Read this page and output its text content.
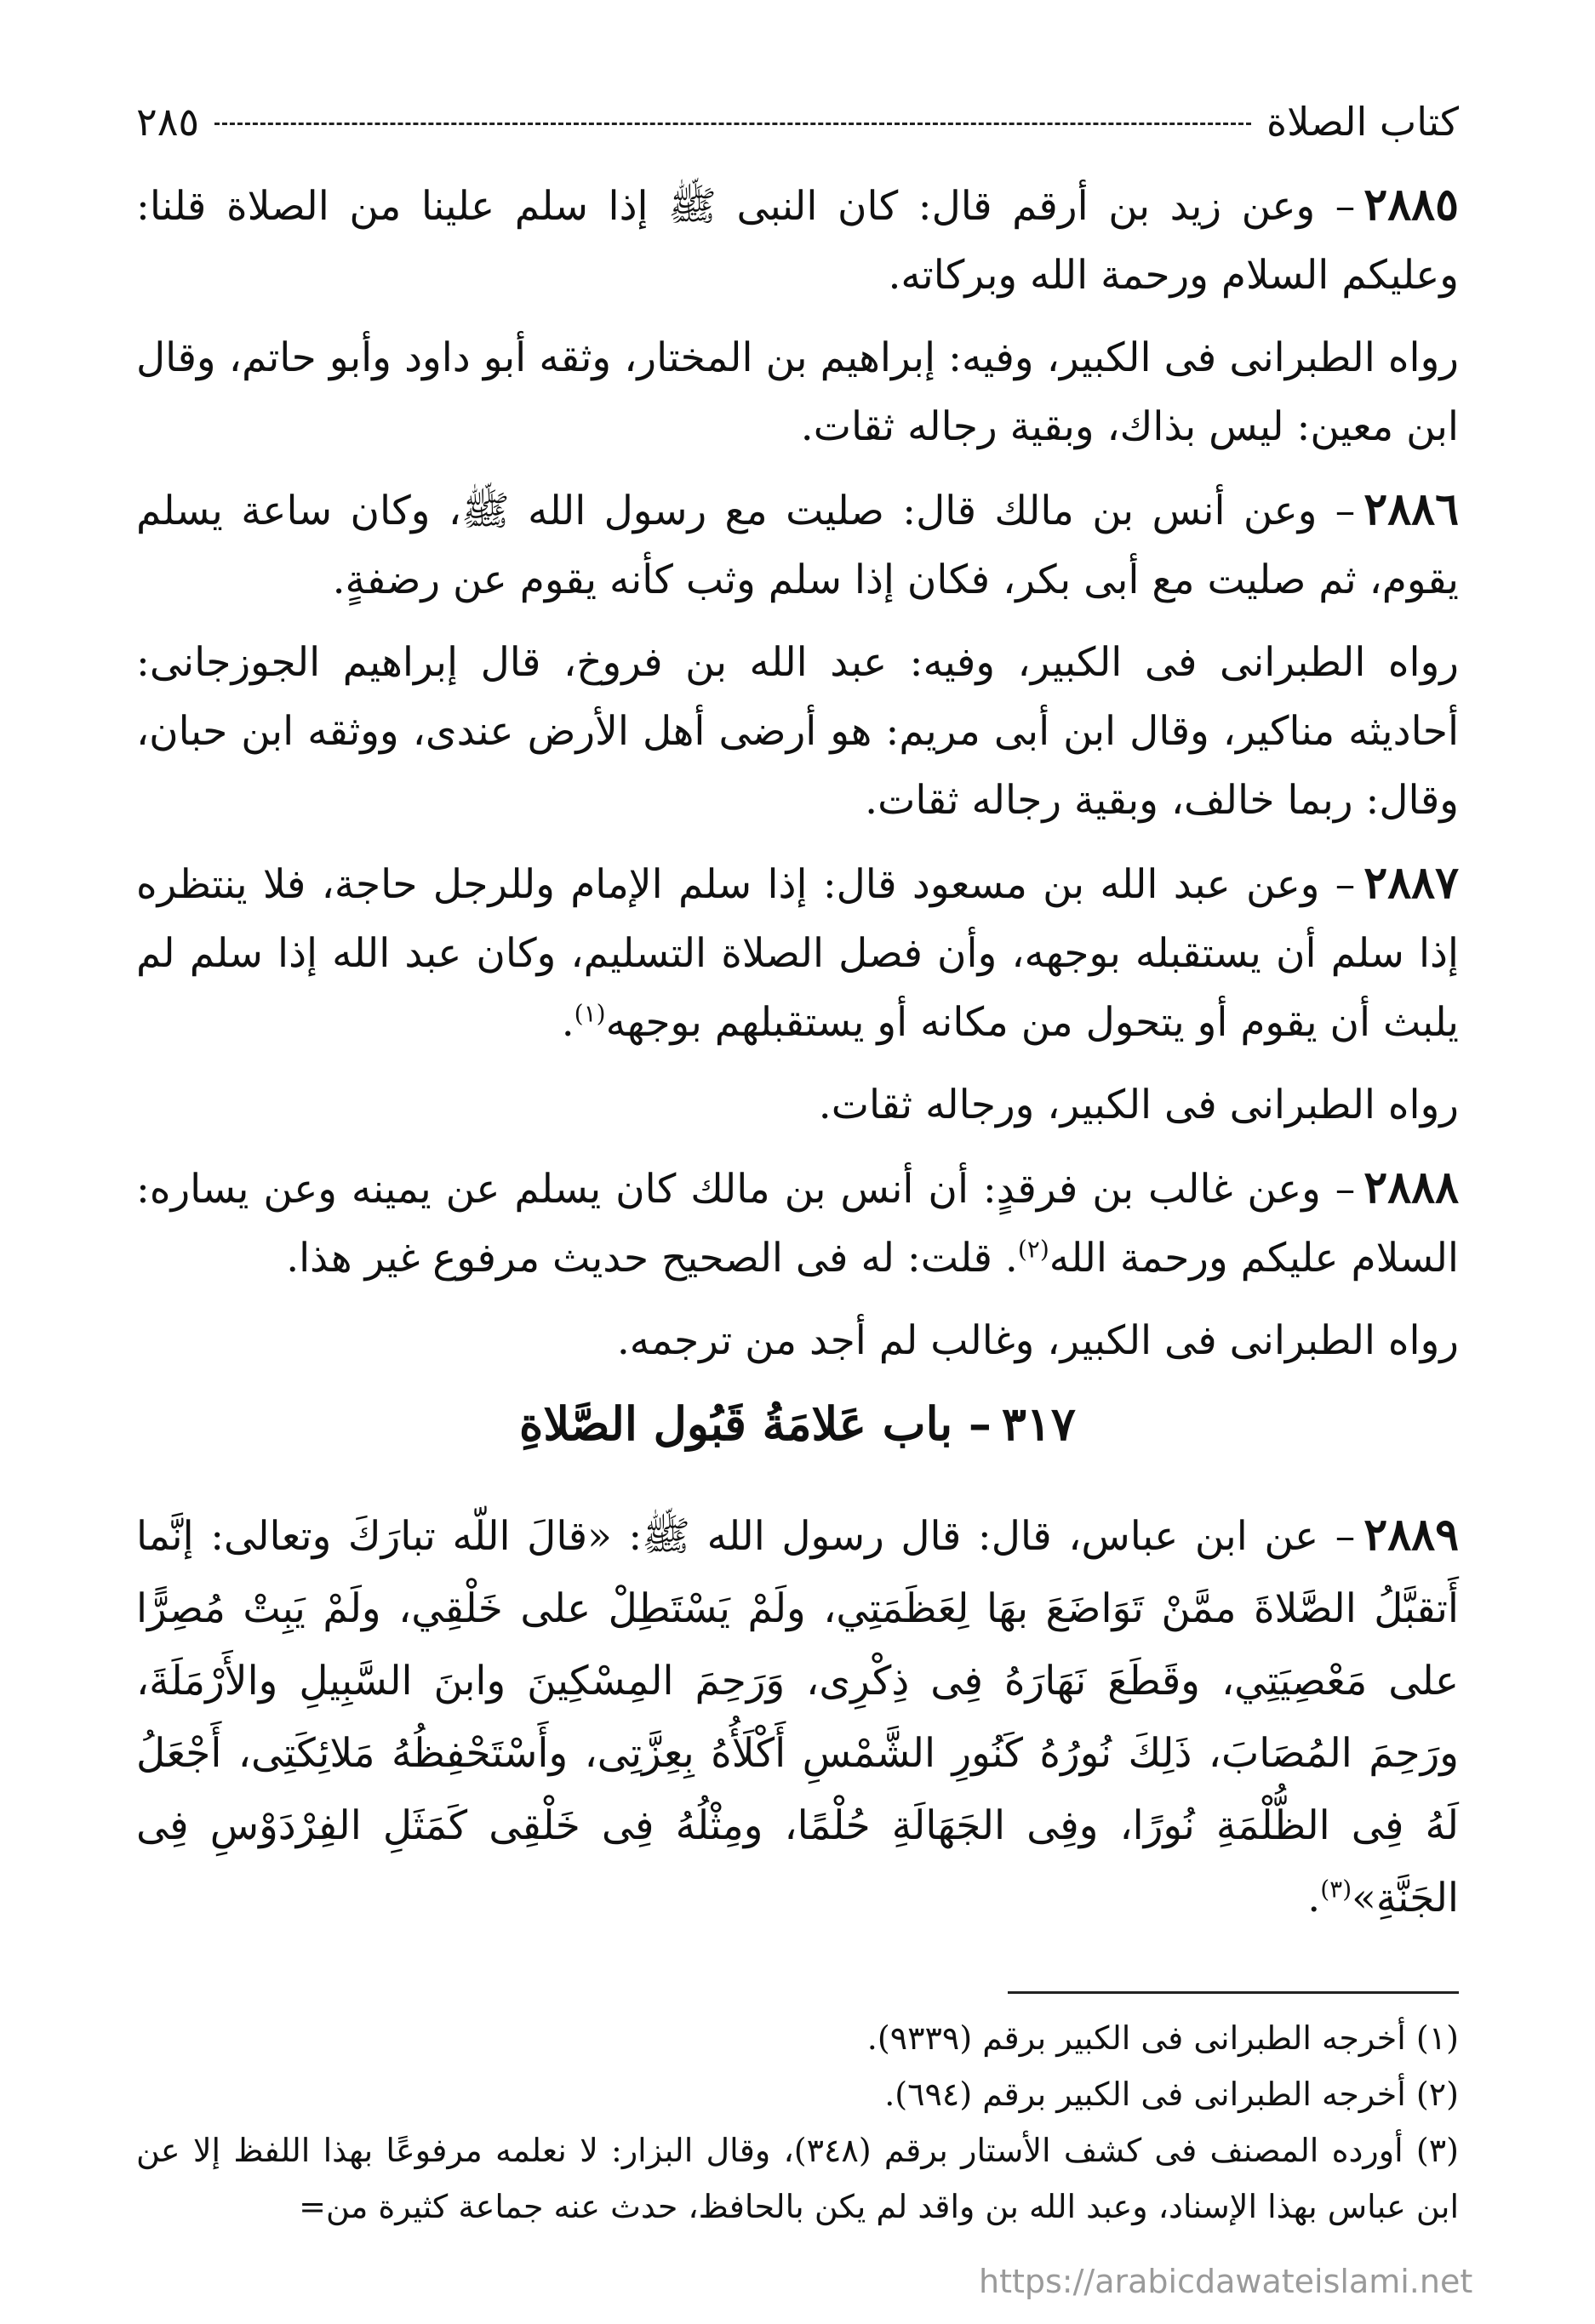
كتاب الصلاة
٢٨٥

٢٨٨٥– وعن زيد بن أرقم قال: كان النبى ﷺ إذا سلم علينا من الصلاة قلنا: وعليكم السلام ورحمة الله وبركاته.

رواه الطبرانى فى الكبير، وفيه: إبراهيم بن المختار، وثقه أبو داود وأبو حاتم، وقال ابن معين: ليس بذاك، وبقية رجاله ثقات.

٢٨٨٦– وعن أنس بن مالك قال: صليت مع رسول الله ﷺ، وكان ساعة يسلم يقوم، ثم صليت مع أبى بكر، فكان إذا سلم وثب كأنه يقوم عن رضفةٍ.

رواه الطبرانى فى الكبير، وفيه: عبد الله بن فروخ، قال إبراهيم الجوزجانى: أحاديثه مناكير، وقال ابن أبى مريم: هو أرضى أهل الأرض عندى، ووثقه ابن حبان، وقال: ربما خالف، وبقية رجاله ثقات.

٢٨٨٧– وعن عبد الله بن مسعود قال: إذا سلم الإمام وللرجل حاجة، فلا ينتظره إذا سلم أن يستقبله بوجهه، وأن فصل الصلاة التسليم، وكان عبد الله إذا سلم لم يلبث أن يقوم أو يتحول من مكانه أو يستقبلهم بوجهه$^{(١)}$.

رواه الطبرانى فى الكبير، ورجاله ثقات.

٢٨٨٨– وعن غالب بن فرقدٍ: أن أنس بن مالك كان يسلم عن يمينه وعن يساره: السلام عليكم ورحمة الله$^{(٢)}$. قلت: له فى الصحيح حديث مرفوع غير هذا.

رواه الطبرانى فى الكبير، وغالب لم أجد من ترجمه.

٣١٧– باب عَلامَةُ قَبُول الصَّلاةِ

٢٨٨٩– عن ابن عباس، قال: قال رسول الله ﷺ: «قالَ اللّه تبارَكَ وتعالى: إنَّما أَتقبَّلُ الصَّلاةَ ممَّنْ تَوَاضَعَ بهَا لِعَظَمَتِي، ولَمْ يَسْتَطِلْ على خَلْقِي، ولَمْ يَبِتْ مُصِرًّا على مَعْصِيَتِي، وقَطَعَ نَهَارَهُ فِى ذِكْرِى، وَرَحِمَ المِسْكِينَ وابنَ السَّبِيلِ والأَرْمَلَةَ، ورَحِمَ المُصَابَ، ذَلِكَ نُورُهُ كَنُورِ الشَّمْسِ أَكْلَأُهُ بِعِزَّتِى، وأَسْتَحْفِظُهُ مَلائِكَتِى، أَجْعَلُ لَهُ فِى الظُّلْمَةِ نُورًا، وفِى الجَهَالَةِ حُلْمًا، ومِثْلُهُ فِى خَلْقِى كَمَثَلِ الفِرْدَوْسِ فِى الجَنَّةِ»$^{(٣)}$.

(١) أخرجه الطبرانى فى الكبير برقم (٩٣٣٩).

(٢) أخرجه الطبرانى فى الكبير برقم (٦٩٤).

(٣) أورده المصنف فى كشف الأستار برقم (٣٤٨)، وقال البزار: لا نعلمه مرفوعًا بهذا اللفظ إلا عن ابن عباس بهذا الإسناد، وعبد الله بن واقد لم يكن بالحافظ، حدث عنه جماعة كثيرة من=

https://arabicdawateislami.net
